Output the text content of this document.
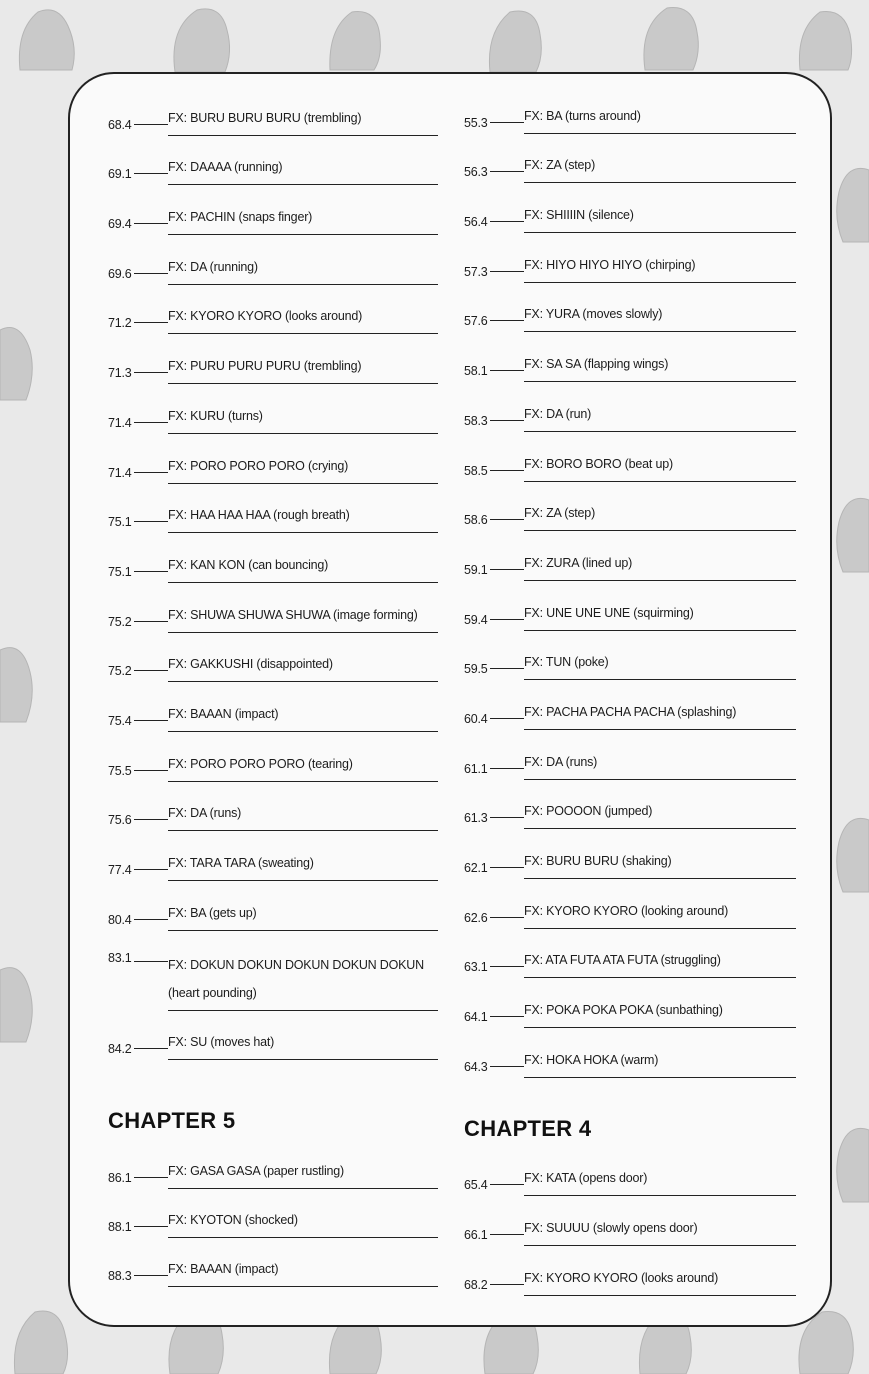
68.4	FX: BURU BURU BURU (trembling)
69.1	FX: DAAAA (running)
69.4	FX: PACHIN (snaps finger)
69.6	FX: DA (running)
71.2	FX: KYORO KYORO (looks around)
71.3	FX: PURU PURU PURU (trembling)
71.4	FX: KURU (turns)
71.4	FX: PORO PORO PORO (crying)
75.1	FX: HAA HAA HAA (rough breath)
75.1	FX: KAN KON (can bouncing)
75.2	FX: SHUWA SHUWA SHUWA (image forming)
75.2	FX: GAKKUSHI (disappointed)
75.4	FX: BAAAN (impact)
75.5	FX: PORO PORO PORO (tearing)
75.6	FX: DA (runs)
77.4	FX: TARA TARA (sweating)
80.4	FX: BA (gets up)
83.1	FX: DOKUN DOKUN DOKUN DOKUN DOKUN (heart pounding)
84.2	FX: SU (moves hat)
CHAPTER 5
86.1	FX: GASA GASA (paper rustling)
88.1	FX: KYOTON (shocked)
88.3	FX: BAAAN (impact)
55.3	FX: BA (turns around)
56.3	FX: ZA (step)
56.4	FX: SHIIIIN (silence)
57.3	FX: HIYO HIYO HIYO (chirping)
57.6	FX: YURA (moves slowly)
58.1	FX: SA SA (flapping wings)
58.3	FX: DA (run)
58.5	FX: BORO BORO (beat up)
58.6	FX: ZA (step)
59.1	FX: ZURA (lined up)
59.4	FX: UNE UNE UNE (squirming)
59.5	FX: TUN (poke)
60.4	FX: PACHA PACHA PACHA (splashing)
61.1	FX: DA (runs)
61.3	FX: POOOON (jumped)
62.1	FX: BURU BURU (shaking)
62.6	FX: KYORO KYORO (looking around)
63.1	FX: ATA FUTA ATA FUTA (struggling)
64.1	FX: POKA POKA POKA (sunbathing)
64.3	FX: HOKA HOKA (warm)
CHAPTER 4
65.4	FX: KATA (opens door)
66.1	FX: SUUUU (slowly opens door)
68.2	FX: KYORO KYORO (looks around)
